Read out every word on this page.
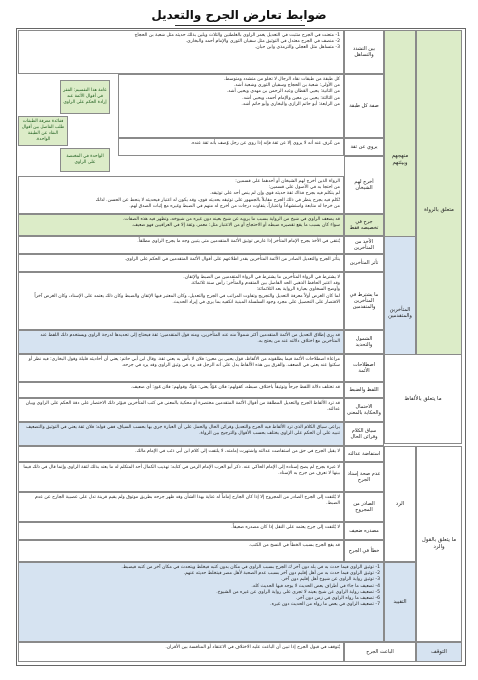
ضوابط تعارض الجرح والتعديل
متعلق بالرواة
منهجهم وبيئتهم
بين التشدد والتساهل

1- متعنت في الجرح متثبت في التعديل يغمز الراوي بالغلطتين والثلاث ويلين بذلك حديثه مثل شعبة بن الحجاج
2- منصف في الجرح معتدل في التوثيق مثل سفيان الثوري والإمام أحمد والبخاري.
3- متساهل مثل العجلي والترمذي وابن حبان.

صفة كل طبقة

كل طبقة من طبقات نقاد الرجال لا تخلو من متشدد ومتوسط.
من الأولى: شعبة بن الحجاج وسفيان الثوري وشعبة أشد.
من الثانية: يحيى القطان وعبد الرحمن بن مهدي ويحيى أشد.
من الثالثة: يحيى بن معين والإمام أحمد، ويحيى أشد.
من الرابعة: أبو حاتم الرازي والبخاري وأبو حاتم أشد.

عامة هذا التقسيم: الفقر في أقوال الأئمة عند إرادة الحكم على الراوي
ففائدة معرفة الطبقات طلب الفاصل بين أقوال النقاد عن الطبقة الواحدة.
يروي عن ثقة

من عُرف عنه أنه لا يروي إلا عن ثقة فإنه إذا روى عن رجل وُصف بأنه ثقة عنده.

الواحدة في المختصة على الراوي
أخرج لهم الشيخان

الرواة الذين أخرج لهم الشيخان أو أحدهما على قسمين:
من احتجا به في الأصول على قسمين:
لم يتكلم فيه بجرح فذاك ثقة حديثه قوي وإن لم ينص أحد على توثيقه.
تُكلم فيه بجرح ينظر في ذلك الجرح مقابلاً بالجمهور على توثيقه بحديثه قوي، وقد يكون له اعتبار فيحديثه لا ينحط عن الحسن. لذلك
من خرجا له متابعة واستشهاداً واعتباراً، يتفاوت درجات من أخرج له منهم في الضبط وغيره مع إثبات الصدق لهم.

جرح في تخصيصه فقط

قد يضعف الراوي في شيخ من الرواية بسبب ما يرويه عن شيخ بعينه دون غيره من شيوخه، وتظهر فيه هذه الصفات.
سواء كان بسبب ما يقع تقصيره ضبطه أو الاحتجاج أو من الاعتبار مثل: معمر، وثقة إلا في العراقيين فهو ضعيف.

المتأخرين والمتقدمين
الأخذ من المتأخرين

يُنتقى في الأخذ بجرح الإمام المتأخر إذا عارض توثيق الأئمة المتقدمين متى يتبين وجه ما يجرح الراوي مطلقاً.

تأثر المتأخرين

يتأثر الجرح والتعديل الصادر من الأئمة المتأخرين بقدر اطلاعهم على أقوال الأئمة المتقدمين في الحكم على الراوي.

ما يشترط في المتأخرين والمتقدمين

لا يشترط في الرواة المتأخرين ما يشترط في الرواة المتقدمين من الضبط والإتقان.
وقد اعتبر الحافظ الذهبي الحد الفاصل بين المتقدم والمتأخر: رأس سنة ثلاثمائة.
وأوضح السخاوي بعبارة الرواية بعد الثلاثمائة:
لما كان الغرض أولاً معرفة التعديل والتجريح وتفاوت المراتب في الجرح والتعديل، وكان المعتبر فيها الإتقان والضبط وكان ذلك يعتمد على الإسناد، وكان الغرض آخراً الاقتصار على التحصيل على مجرد وجود السلسلة المبنية انكفيه بما يرى في إيراد الحديث.

الشمول والتحديد

قد يرى إطلاق التعديل من الأئمة المتقدمين أكثر شمولاً منه عند المتأخرين، ومنه قول المتقدمين: ثقة فيحتاج إلى تحديدها لدرجة الراوي ويستخدم ذلك اللفظ عند المتأخرين مع اختلاف دلالته عند من يحتج به.

ما يتعلق بالألفاظ
اصطلاحات الأئمة

مراعاة اصطلاحات الأئمة فيما يطلقونه من الألفاظ، قول يحيى بن معين: فلان لا بأس به يعني ثقة. وقال ابن أبي حاتم: يعني أن أحاديثه قليلة وقول البخاري: فيه نظر أو سكتوا عنه يعني في الضعف. والفرق بين هذه الألفاظ يدل على أنه الرجل قد يرد في وثيق الراوي وقد يرد في جرحه.

اللفظ والضبط

قد تختلف دلالة اللفظ جرحاً وتوثيقاً باختلاف ضبطه، كقولهم: فلان مُؤدٍّ يعني: مُؤدِّ، وقولهم: فلان مُودٍ: أي ضعيف.

الاحتمال والحكاية بالمعنى

قد ترد الألفاظ الجرح والتعديل المطلقة من أقوال الأئمة المتقدمين مختصرة أو محكية بالمعنى في كتب المتأخرين فيؤثر ذلك الاختصار على دقة الحكم على الراوي وبيان عدالته.

سياق الكلام وقرائن الحال

يراعى سياق الكلام الذي ترد الألفاظ فيه الجرح والتعديل وقرائن الحال والحمل على أن العبارة جرى بها بحسب السياق، ففي قوله: فلان ثقة يعني في التوثيق والتضعيف تنبيه على أن الحكم على الراوي يختلف بحسب الأقوال والترجيح بين الرواة.

ما يتعلق بالقول والرد
الرد
التقييد
استفاضة عدالته

لا يقبل الجرح في حق من استفاضت عدالته واشتهرت إمامته، لا يلتفت إلى كلام ابن أبي ذئب في الإمام مالك.

عدم صحة إسناد الجرح

لا عبرة بجرح لم يصح إسناده إلى الإمام الحاكي عنه. ذكر أبو العرب الإمام الزمن في كتابه: تهذيب الكمال أحد المتكلم له ما يعتد بذلك لثقة الراوي وإنما قال في ذلك فيما بينها لا نعرف من جرح به الإسناد.

الصادر من المجروح

لا يُلتفت إلى الجرح الصادر من المجروح إلا إذا كان الجارح إماماً له عناية بهذا الشأن وقد ظهر جرحه بطريق موثوق ولم يقيم قرينة تدل على عصبية الجارح عن عدم الضبط.

مصدره ضعيف

لا يُلتفت إلى جرح يعتمد على النقل إذا كان مصدره ضعيفاً.

خطأ في الجرح

قد يقع الجرح بسبب الخطأ في النسخ من الكتب.

1- توثيق الراوي فيما حدث به في بلد دون آخر ك الجرح بسبب الراوي في مكان بدون كتبه فيخلط ويتحدث في مكان آخر من كتبه فيضبط.
2- توثيق الراوي فيما حدث به من أهل إقليم دون آخر بسبب عدم الصحبة لأهل مصر فيتخلط حديثه عنهم.
3- توثيق رواية الراوي عن شيوخ أهل إقليم دون آخر.
4- تضعيف ما جاء في أطراف بعض الحديث لا يوجد فيها الحديث كله.
5- تضعيف رواية الراوي عن شيخ بعينه لا تجري على رواية الراوي عن غيره من الشيوخ.
6- تضعيف ما رواه الراوي في زمن دون آخر.
7- تضعيف الراوي في بعض ما رواه من الحديث دون غيره.

التوقف
الباعث الجرح

يُتوقف في قبول الجرح إذا تبين أن الباعث عليه الاختلاف في الاعتقاد أو المنافسة بين الأقران.
